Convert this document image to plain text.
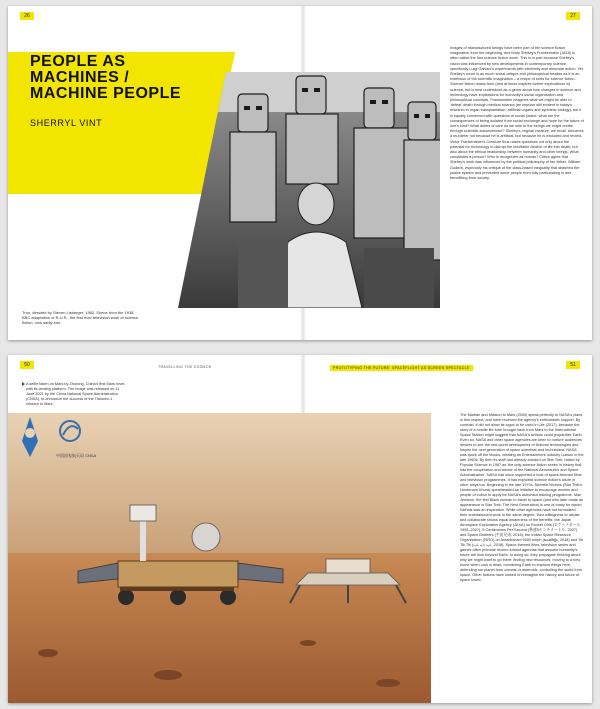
26	27
PEOPLE AS MACHINES / MACHINE PEOPLE
SHERRYL VINT
Tron, directed by Steven Lisberger, 1982. Scene from the 1938 BBC adaptation of R.U.R., the first ever television work of science fiction, now sadly lost.
Images of manufactured beings have been part of the science fiction imagination from the beginning, and Mary Shelley's Frankenstein (1818) is often called the first science fiction novel. This is in part because Shelley's vision was influenced by new developments in contemporary science, specifically Luigi Galvani's experiments with electricity and muscular action. Yet Shelley's novel is as much social critique and philosophical treatise as it is an extension of the scientific imagination – a recipe of sorts for science fiction. Science fiction draws from (and at times inspires further explorations in) science, but is best understood as a genre about how changes in science and technology have implications for humanity's social organization and philosophical concepts. Frankenstein imagines what we might be able to 'defeat' death through medical science (an impulse still evident in today's research in organ transplantation, artificial organs and synthetic biology), but it is equally concerned with questions of social justice: what are the consequences of being isolated from social exchange and hope for the future of one's kind? What duties of care do we owe to the beings we might create through scientific advancement? Shelley's original creature, we recall, becomes a murderer not because he is artificial, but because he is excluded and reviled. Victor Frankenstein's Creature thus raises questions not only about the potential for technology to disrupt the inevitable decline of life into death, but also about the ethical relationship between humanity and other beings. What constitutes a person? Who is recognized as human? Critics agree that Shelley's work was influenced by the political philosophy of her father, William Godwin, especially his critique of the class-based inequality that distorted the justice system and prevented some people from fully participating in and benefitting from society.
50	51
TRAVELLING THE COSMOS	PROTOTYPING THE FUTURE: SPACEFLIGHT AS SCREEN SPECTACLE
A selfie taken on Mars by Zhurong, China's first Mars rover, with its landing platform. The image was released on 11 June 2021 by the China National Space Administration (CNSA), to announce the success of the Tianwen-1 mission to Mars.
中国国家航天局 CNSA
The Martian and Mission to Mars (2000) speak perfectly to NASA's plans in this respect, and have received the agency's enthusiastic support. By contrast, it did not allow its logos to be used in Life (2017), because the story of a hostile life form brought back from Mars to the International Space Station might suggest that NASA's actions could jeopardize Earth. Even so, NASA and other space agencies are keen to nurture audiences' desires to see the real-world development of fictional technologies and inspire the next generation of space scientists and technicians. NASA was quick off the blocks, creating an Entertainment Industry Liaison in the late 1960s. By then its staff had already advised on Star Trek, hailed by Popular Science in 1967 as 'the only-science-fiction series in history that has the cooperation and advice of the National Aeronautics and Space Administration'. NASA has since supported a host of space-themed films and television programmes. It has exploited science fiction's allure in other ways too. Beginning in the late 1970s, Nichelle Nichols (Star Trek's Lieutenant Uhura) spearheaded an initiative to encourage women and people of colour to apply for NASA's astronaut training programme. Mae Jemison, the first Black woman to travel to space (and who later made an appearance in Star Trek: The Next Generation) is one of many for whom Nichols was an inspiration. While other agencies have not formalized their entertainment work to the same degree, their willingness to advise and collaborate shows equal awareness of the benefits: the Japan Aerospace Exploration Agency (JAXA) on Rocket Girls (ロケットガール, 1995–2007), 5 Centimetres Per Second (秒速5センチメートル, 2007) and Space Brothers (宇宙兄弟, 2016); the Indian Space Research Organisation (ISRO) on Antariksham 9000 kmph (అంతరిక్షం, 2018) and Tik Tik Tik (டிக் டிக் டிக், 2018). Space-themed films, television series and games often promote techno-futurist agendas that assume humanity's future will look beyond Earth. In doing so, they propagate thinking about why we might want to go there: finding new resources, moving to a new home when ours is dead, monitoring Earth to improve things here, defending our planet from comets or asteroids, controlling the world from space. Other fictions have looked to reimagine the history and future of space travel.
